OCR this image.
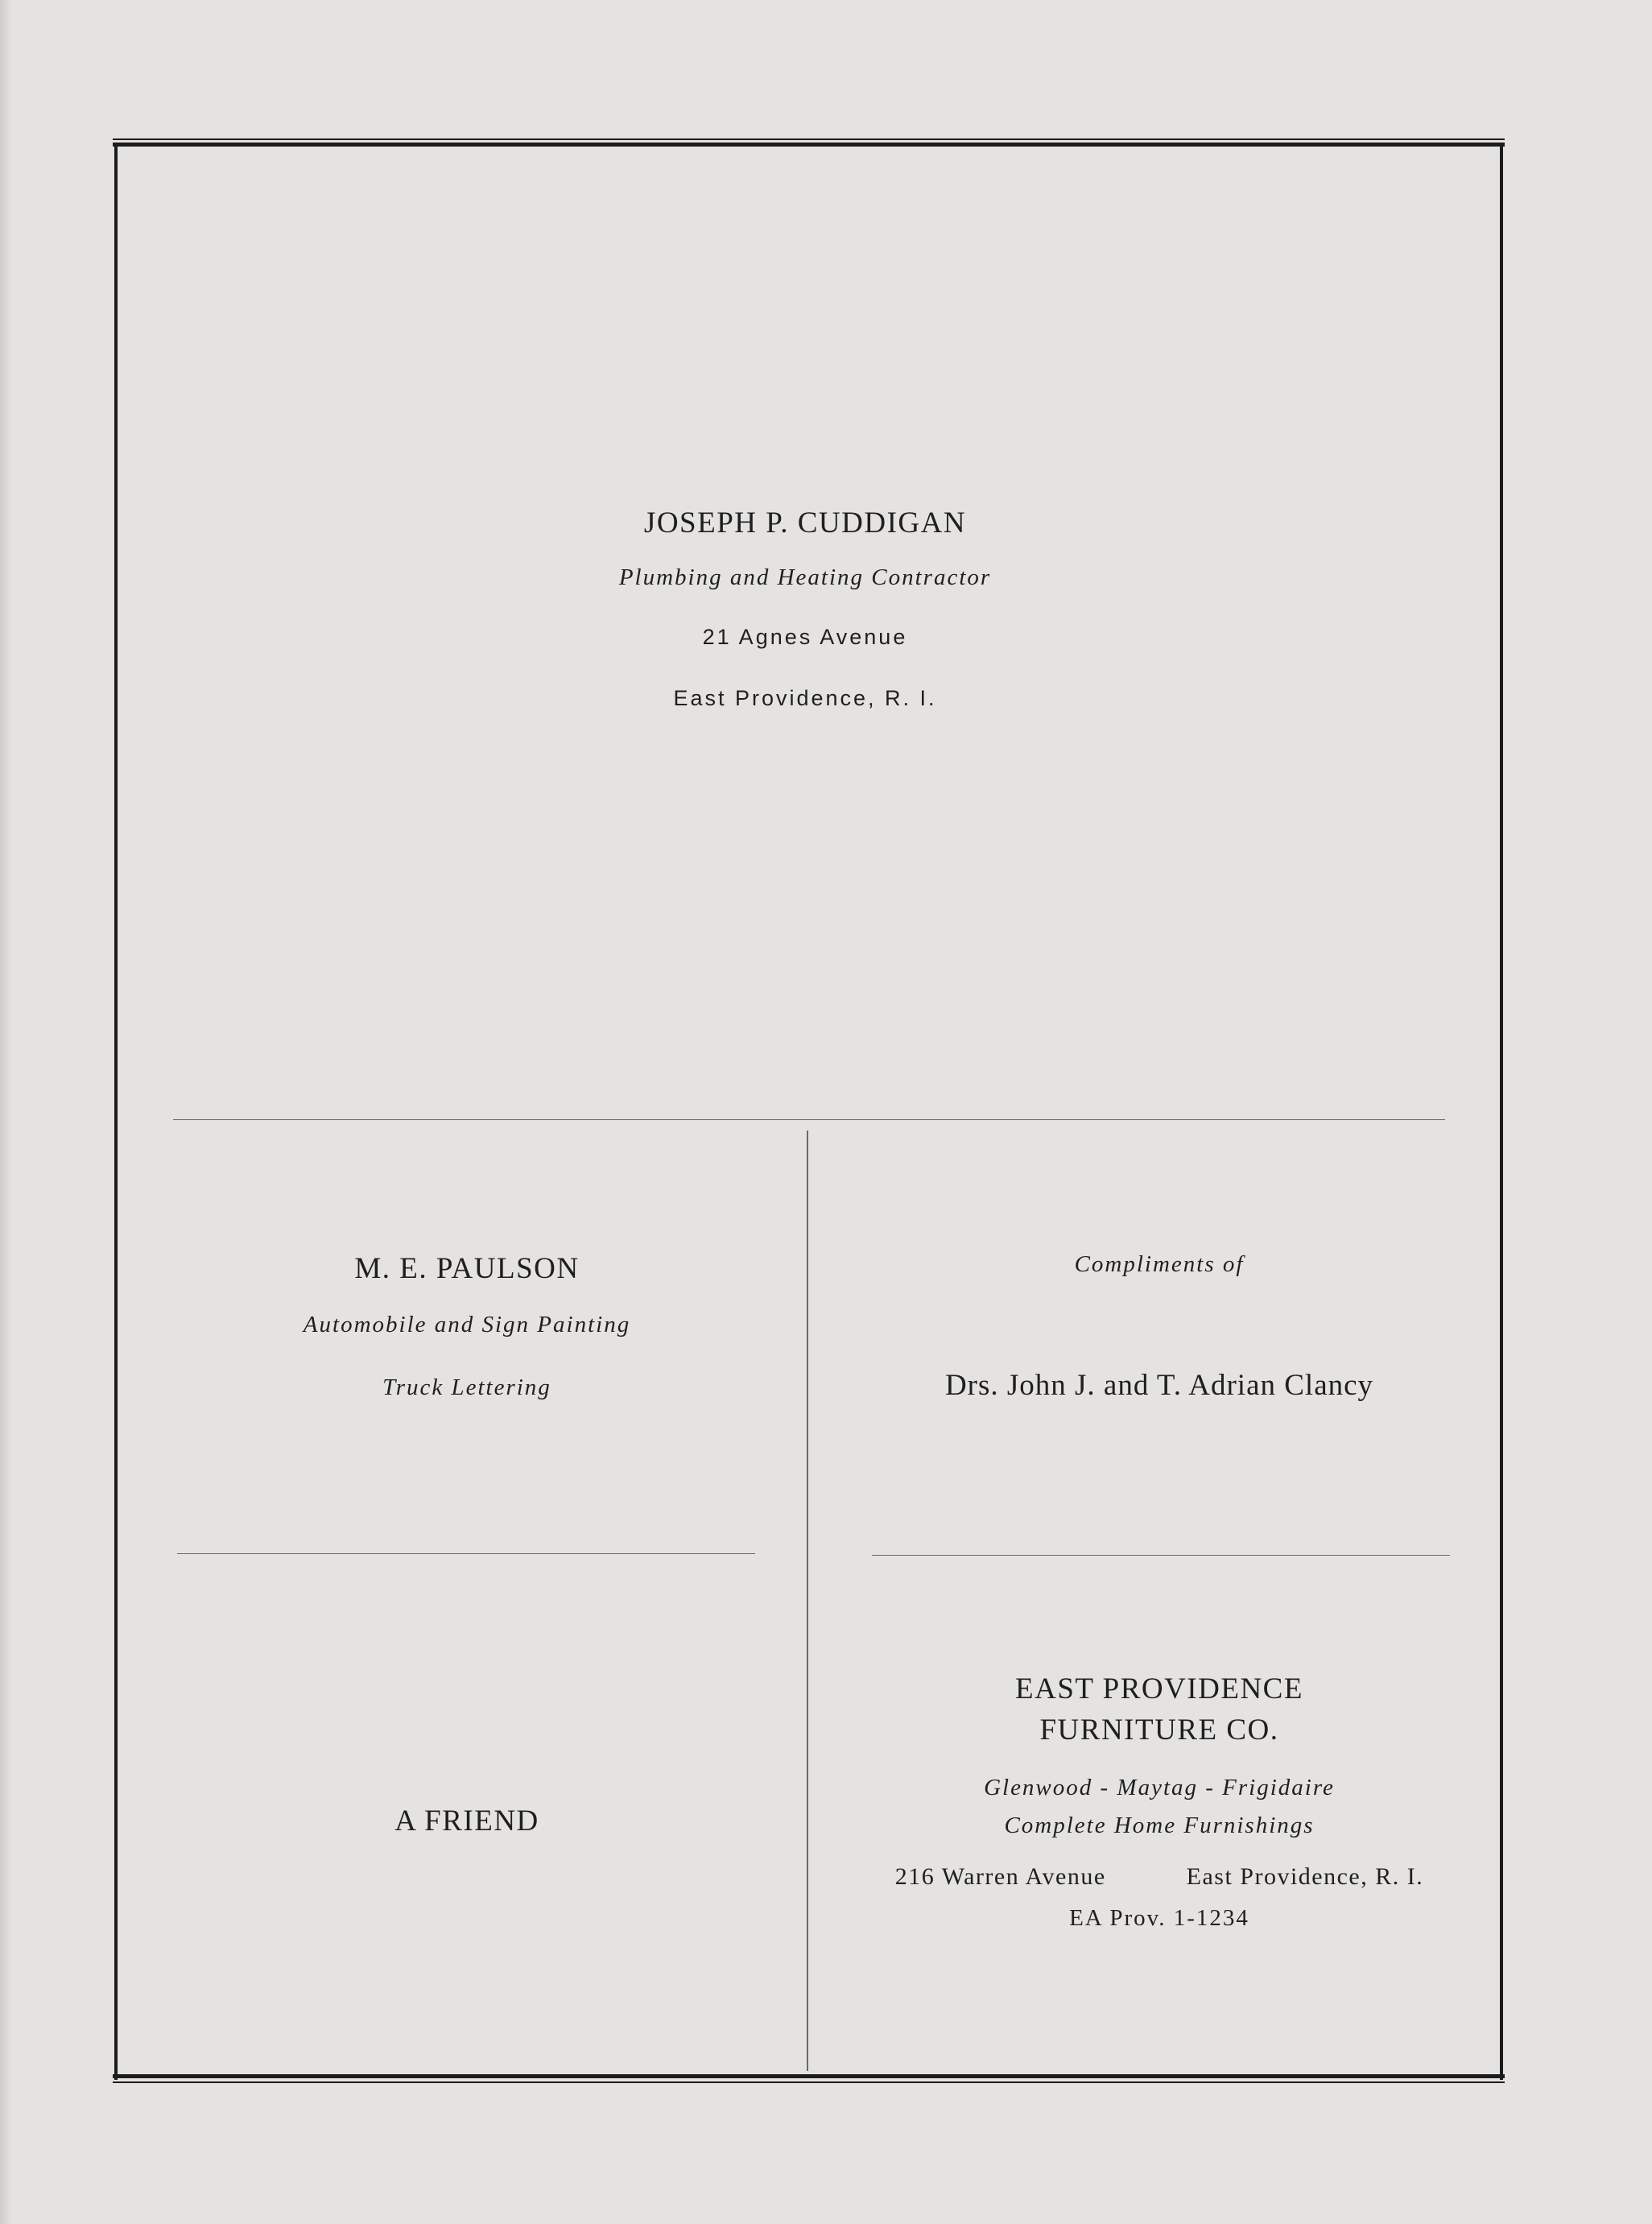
JOSEPH P. CUDDIGAN
Plumbing and Heating Contractor
21 Agnes Avenue
East Providence, R. I.
M. E. PAULSON
Automobile and Sign Painting
Truck Lettering
Compliments of
Drs. John J. and T. Adrian Clancy
A FRIEND
EAST PROVIDENCE
FURNITURE CO.
Glenwood - Maytag - Frigidaire
Complete Home Furnishings
216 Warren Avenue	East Providence, R. I.
EA Prov. 1-1234
